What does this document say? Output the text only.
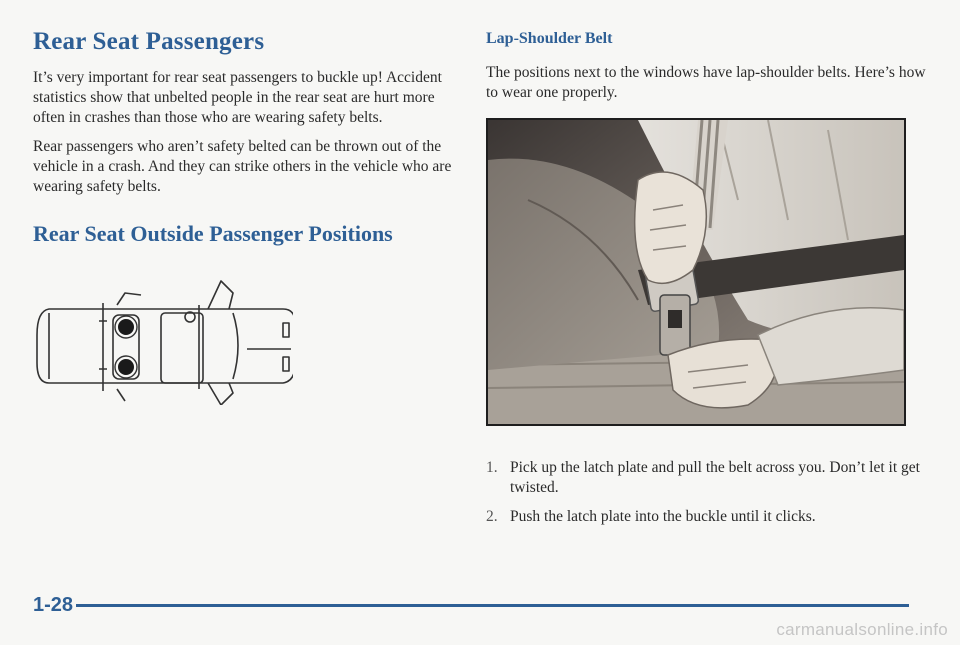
Rear Seat Passengers

It’s very important for rear seat passengers to buckle up! Accident statistics show that unbelted people in the rear seat are hurt more often in crashes than those who are wearing safety belts.

Rear passengers who aren’t safety belted can be thrown out of the vehicle in a crash. And they can strike others in the vehicle who are wearing safety belts.

Rear Seat Outside Passenger Positions
Lap-Shoulder Belt

The positions next to the windows have lap-shoulder belts. Here’s how to wear one properly.

1. Pick up the latch plate and pull the belt across you. Don’t let it get twisted.
2. Push the latch plate into the buckle until it clicks.
1-28
carmanualsonline.info
